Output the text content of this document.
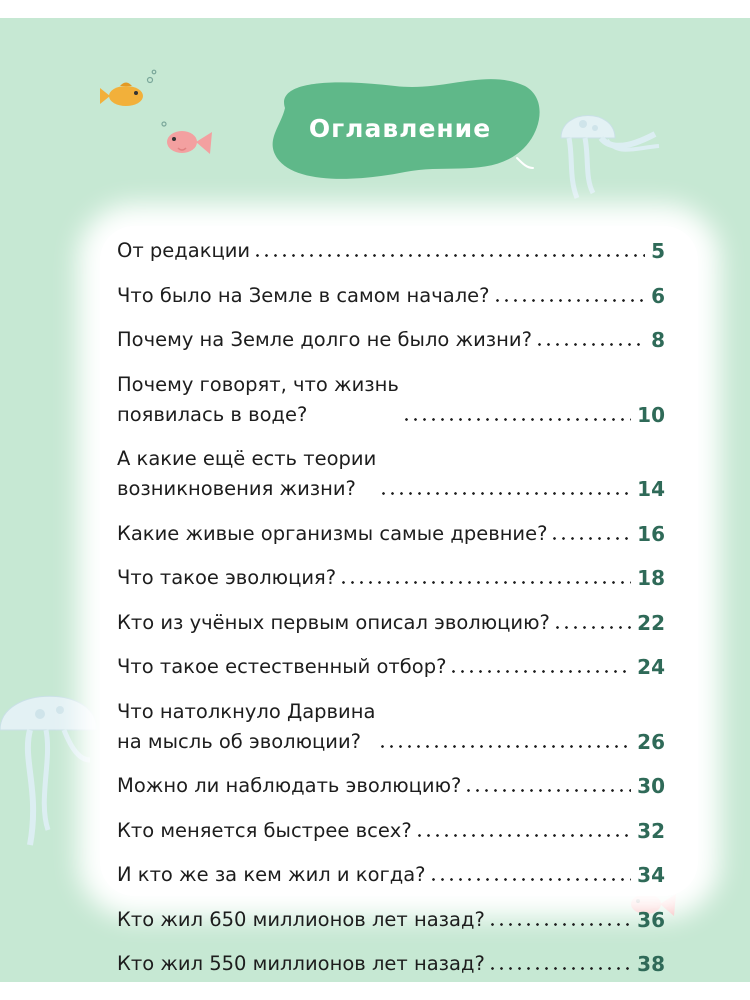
Оглавление
От редакции	5
Что было на Земле в самом начале?	6
Почему на Земле долго не было жизни?	8
Почему говорят, что жизнь
появилась в воде?	10
А какие ещё есть теории
возникновения жизни?	14
Какие живые организмы самые древние?	16
Что такое эволюция?	18
Кто из учёных первым описал эволюцию?	22
Что такое естественный отбор?	24
Что натолкнуло Дарвина
на мысль об эволюции?	26
Можно ли наблюдать эволюцию?	30
Кто меняется быстрее всех?	32
И кто же за кем жил и когда?	34
Кто жил 650 миллионов лет назад?	36
Кто жил 550 миллионов лет назад?	38
